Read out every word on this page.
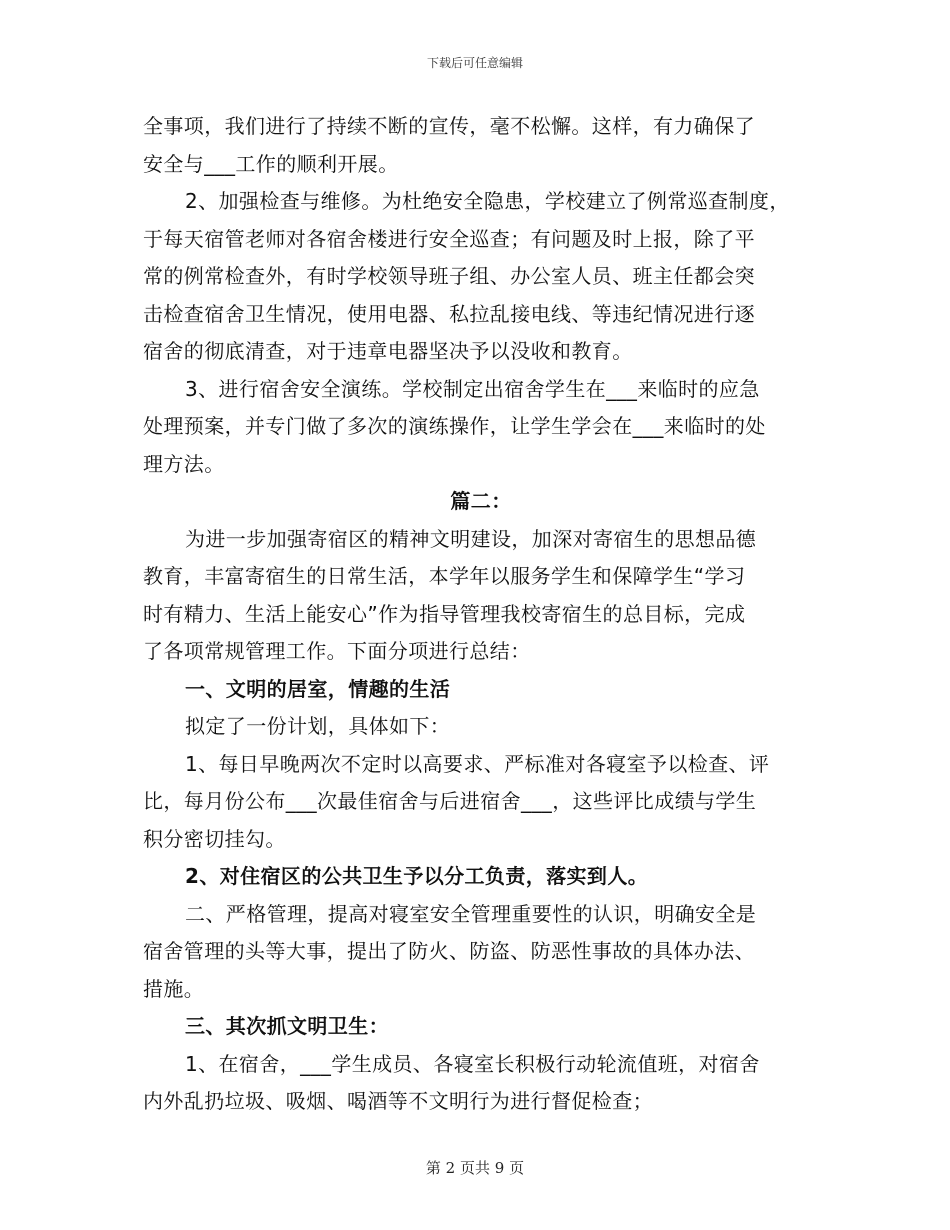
下载后可任意编辑
全事项，我们进行了持续不断的宣传，毫不松懈。这样，有力确保了
安全与___工作的顺利开展。
2、加强检查与维修。为杜绝安全隐患，学校建立了例常巡查制度，
于每天宿管老师对各宿舍楼进行安全巡查；有问题及时上报，除了平
常的例常检查外，有时学校领导班子组、办公室人员、班主任都会突
击检查宿舍卫生情况，使用电器、私拉乱接电线、等违纪情况进行逐
宿舍的彻底清查，对于违章电器坚决予以没收和教育。
3、进行宿舍安全演练。学校制定出宿舍学生在___来临时的应急
处理预案，并专门做了多次的演练操作，让学生学会在___来临时的处
理方法。
篇二：
为进一步加强寄宿区的精神文明建设，加深对寄宿生的思想品德
教育，丰富寄宿生的日常生活，本学年以服务学生和保障学生“学习
时有精力、生活上能安心”作为指导管理我校寄宿生的总目标，完成
了各项常规管理工作。下面分项进行总结：
一、文明的居室，情趣的生活
拟定了一份计划，具体如下：
1、每日早晚两次不定时以高要求、严标准对各寝室予以检查、评
比，每月份公布___次最佳宿舍与后进宿舍___，这些评比成绩与学生
积分密切挂勾。
2、对住宿区的公共卫生予以分工负责，落实到人。
二、严格管理，提高对寝室安全管理重要性的认识，明确安全是
宿舍管理的头等大事，提出了防火、防盗、防恶性事故的具体办法、
措施。
三、其次抓文明卫生：
1、在宿舍，___学生成员、各寝室长积极行动轮流值班，对宿舍
内外乱扔垃圾、吸烟、喝酒等不文明行为进行督促检查；
第 2 页共 9 页
